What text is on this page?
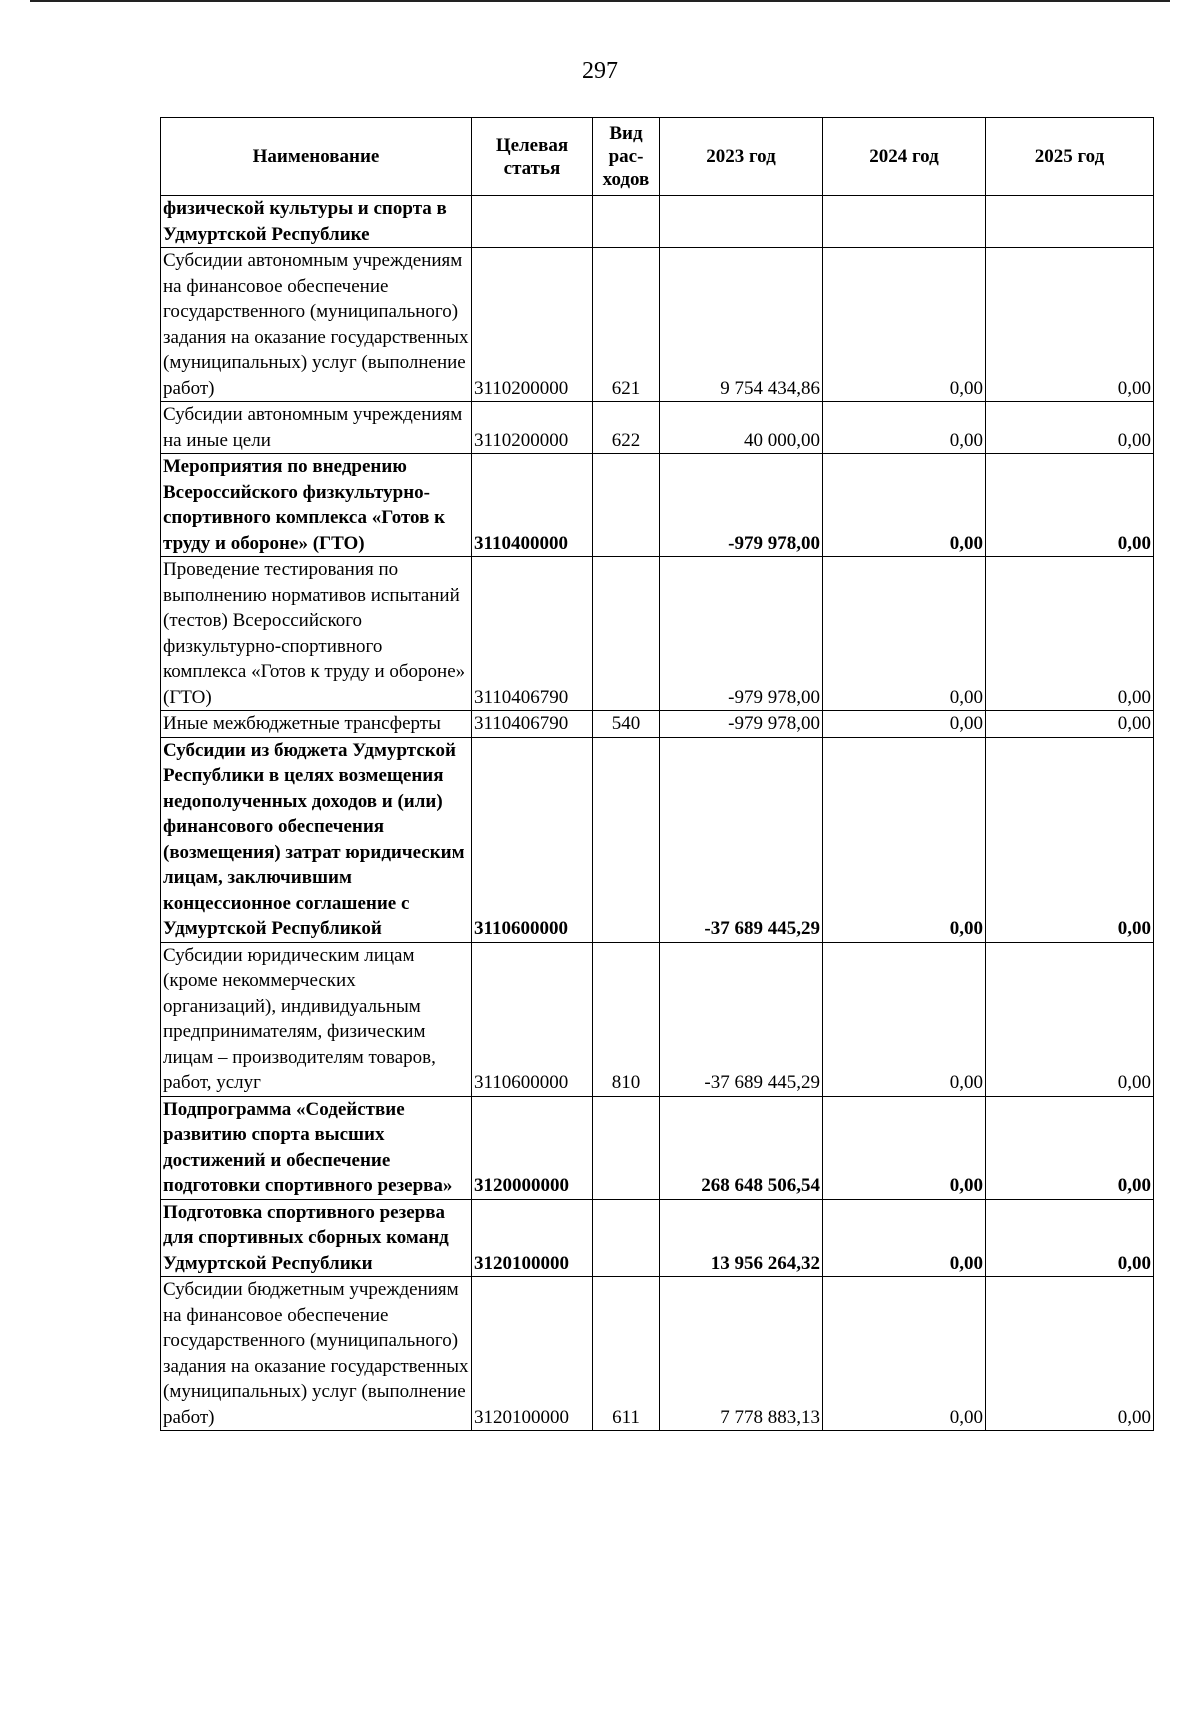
297
Наименование	Целевая статья	Вид рас-ходов	2023 год	2024 год	2025 год
физической культуры и спорта в Удмуртской Республике					
Субсидии автономным учреждениям на финансовое обеспечение государственного (муниципального) задания на оказание государственных (муниципальных) услуг (выполнение работ)	3110200000	621	9 754 434,86	0,00	0,00
Субсидии автономным учреждениям на иные цели	3110200000	622	40 000,00	0,00	0,00
Мероприятия по внедрению Всероссийского физкультурно-спортивного комплекса «Готов к труду и обороне» (ГТО)	3110400000		-979 978,00	0,00	0,00
Проведение тестирования по выполнению нормативов испытаний (тестов) Всероссийского физкультурно-спортивного комплекса «Готов к труду и обороне» (ГТО)	3110406790		-979 978,00	0,00	0,00
Иные межбюджетные трансферты	3110406790	540	-979 978,00	0,00	0,00
Субсидии из бюджета Удмуртской Республики в целях возмещения недополученных доходов и (или) финансового обеспечения (возмещения) затрат юридическим лицам, заключившим концессионное соглашение с Удмуртской Республикой	3110600000		-37 689 445,29	0,00	0,00
Субсидии юридическим лицам (кроме некоммерческих организаций), индивидуальным предпринимателям, физическим лицам – производителям товаров, работ, услуг	3110600000	810	-37 689 445,29	0,00	0,00
Подпрограмма «Содействие развитию спорта высших достижений и обеспечение подготовки спортивного резерва»	3120000000		268 648 506,54	0,00	0,00
Подготовка спортивного резерва для спортивных сборных команд Удмуртской Республики	3120100000		13 956 264,32	0,00	0,00
Субсидии бюджетным учреждениям на финансовое обеспечение государственного (муниципального) задания на оказание государственных (муниципальных) услуг (выполнение работ)	3120100000	611	7 778 883,13	0,00	0,00
